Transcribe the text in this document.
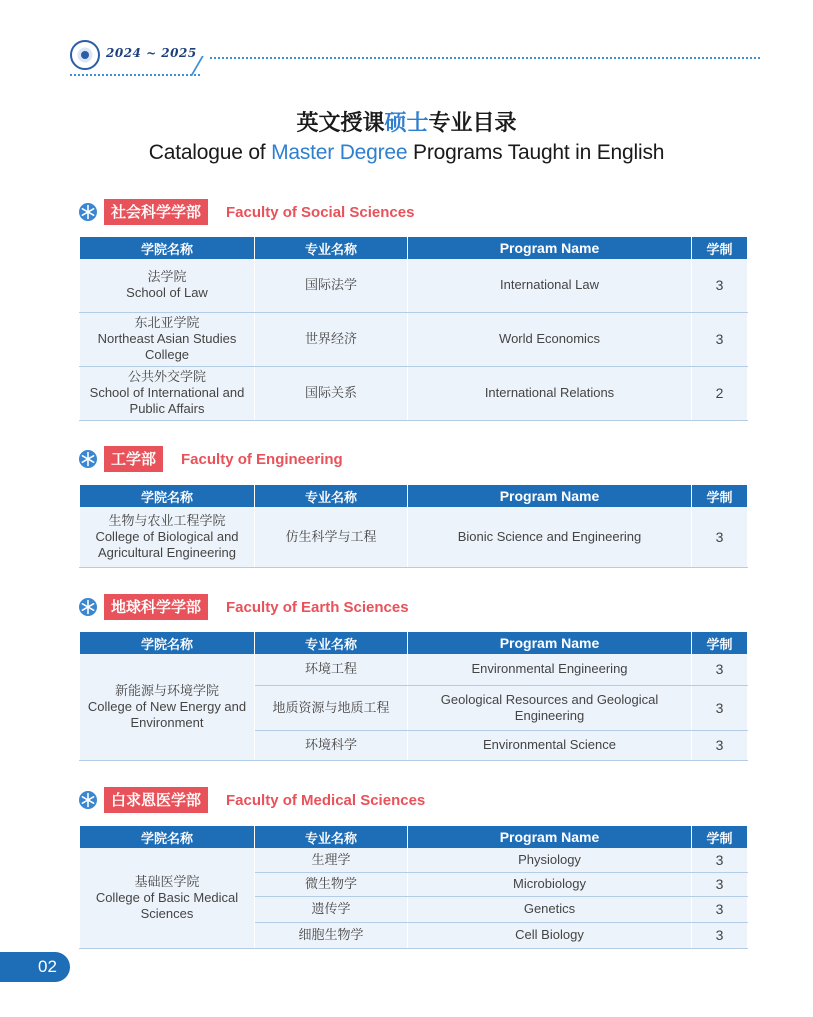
2024 ~ 2025
英文授课硕士专业目录
Catalogue of Master Degree Programs Taught in English
社会科学学部	Faculty of Social Sciences
学院名称	专业名称	Program Name	学制

法学院
School of Law	国际法学	International Law	3

东北亚学院
Northeast Asian Studies College	世界经济	World Economics	3

公共外交学院
School of International and Public Affairs	国际关系	International Relations	2
工学部	Faculty of Engineering
学院名称	专业名称	Program Name	学制

生物与农业工程学院
College of Biological and Agricultural Engineering	仿生科学与工程	Bionic Science and Engineering	3
地球科学学部	Faculty of Earth Sciences
学院名称	专业名称	Program Name	学制

新能源与环境学院
College of New Energy and Environment	环境工程	Environmental Engineering	3
	地质资源与地质工程	Geological Resources and Geological Engineering	3
	环境科学	Environmental Science	3
白求恩医学部	Faculty of Medical Sciences
学院名称	专业名称	Program Name	学制

基础医学院
College of Basic Medical Sciences	生理学	Physiology	3
	微生物学	Microbiology	3
	遗传学	Genetics	3
	细胞生物学	Cell Biology	3
02
